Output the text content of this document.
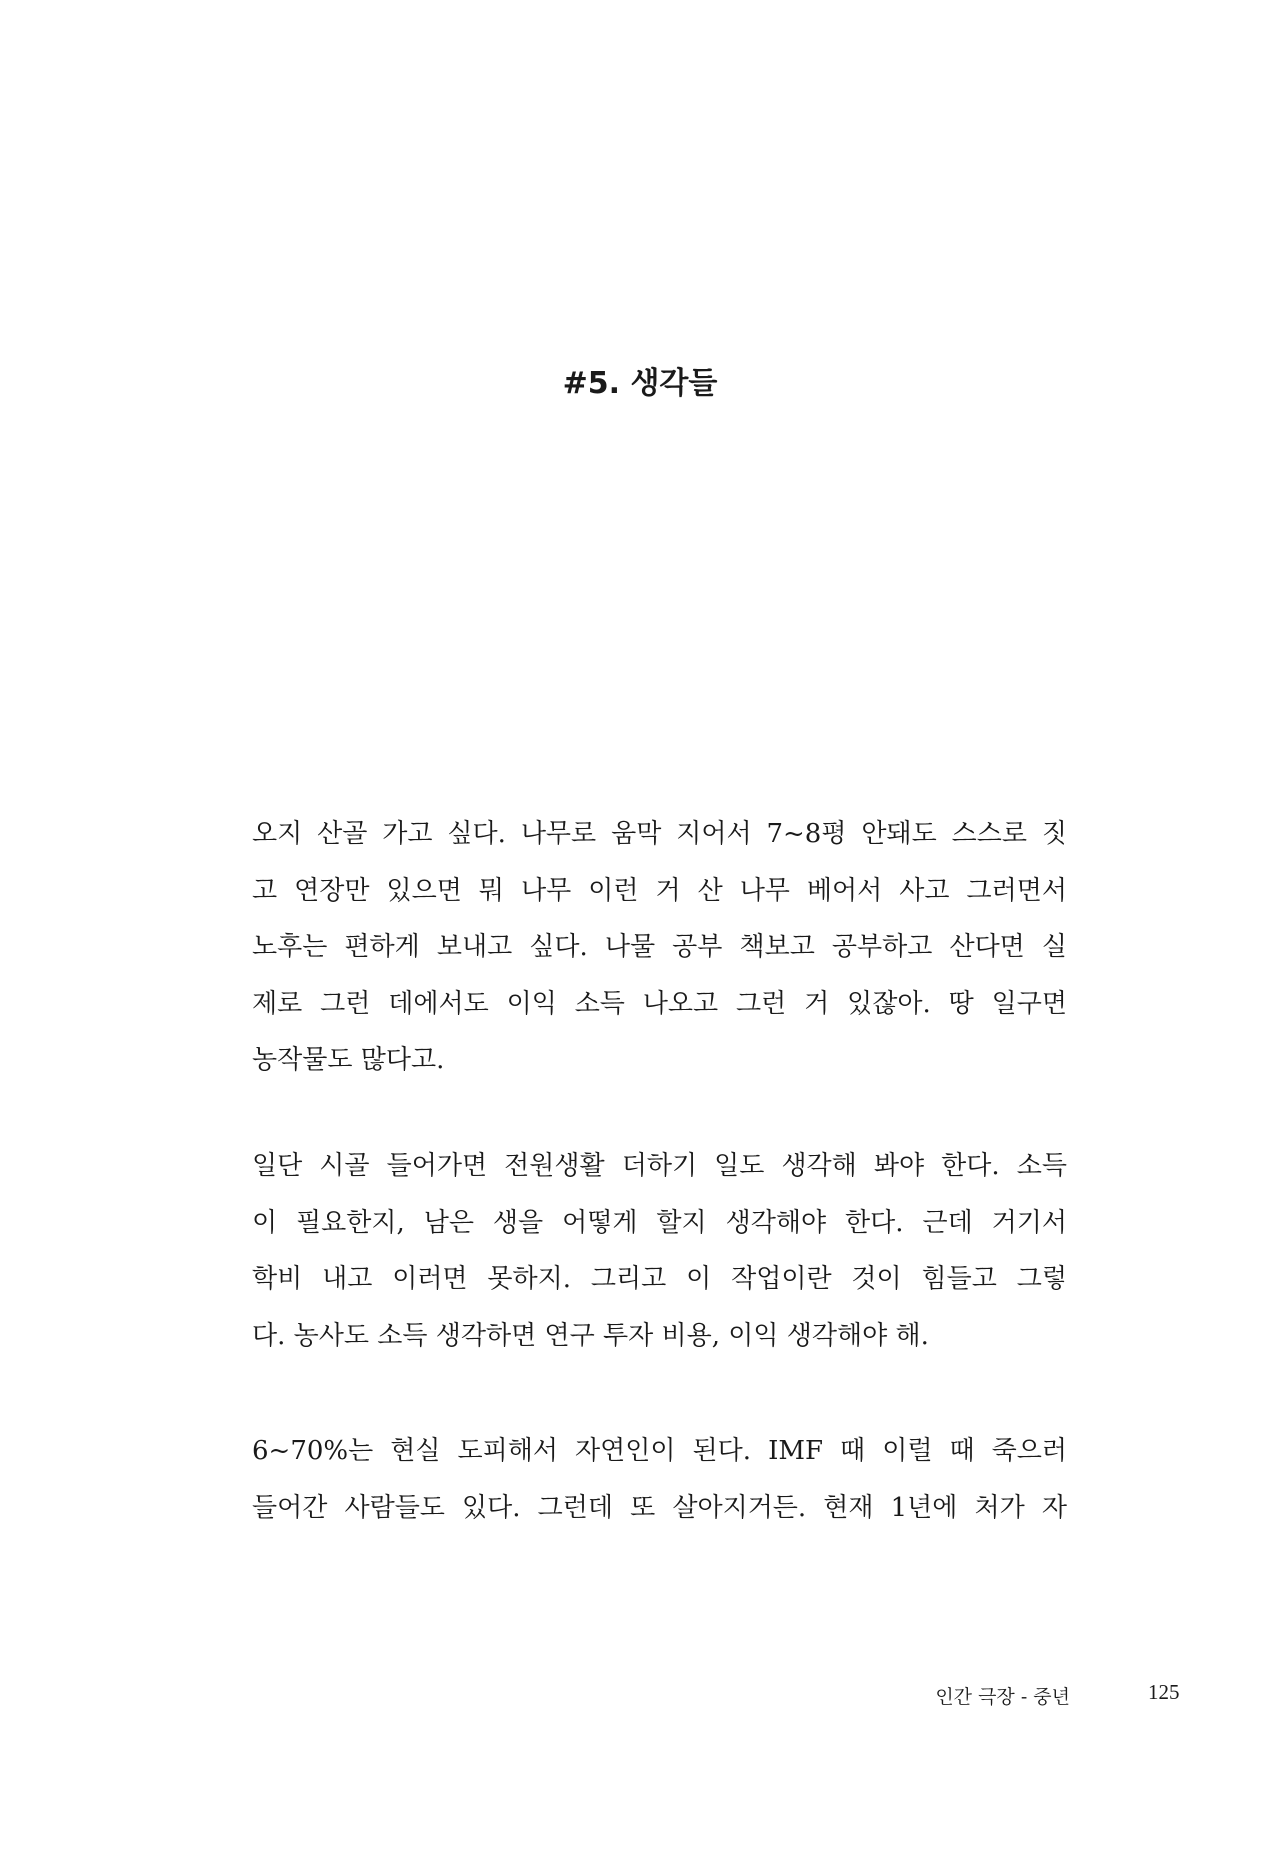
#5. 생각들
오지 산골 가고 싶다. 나무로 움막 지어서 7~8평 안돼도 스스로 짓
고 연장만 있으면 뭐 나무 이런 거 산 나무 베어서 사고 그러면서
노후는 편하게 보내고 싶다. 나물 공부 책보고 공부하고 산다면 실
제로 그런 데에서도 이익 소득 나오고 그런 거 있잖아. 땅 일구면
농작물도 많다고.
일단 시골 들어가면 전원생활 더하기 일도 생각해 봐야 한다. 소득
이 필요한지, 남은 생을 어떻게 할지 생각해야 한다. 근데 거기서
학비 내고 이러면 못하지. 그리고 이 작업이란 것이 힘들고 그렇
다. 농사도 소득 생각하면 연구 투자 비용, 이익 생각해야 해.
6~70%는 현실 도피해서 자연인이 된다. IMF 때 이럴 때 죽으러
들어간 사람들도 있다. 그런데 또 살아지거든. 현재 1년에 처가 자
인간 극장 - 중년	125
